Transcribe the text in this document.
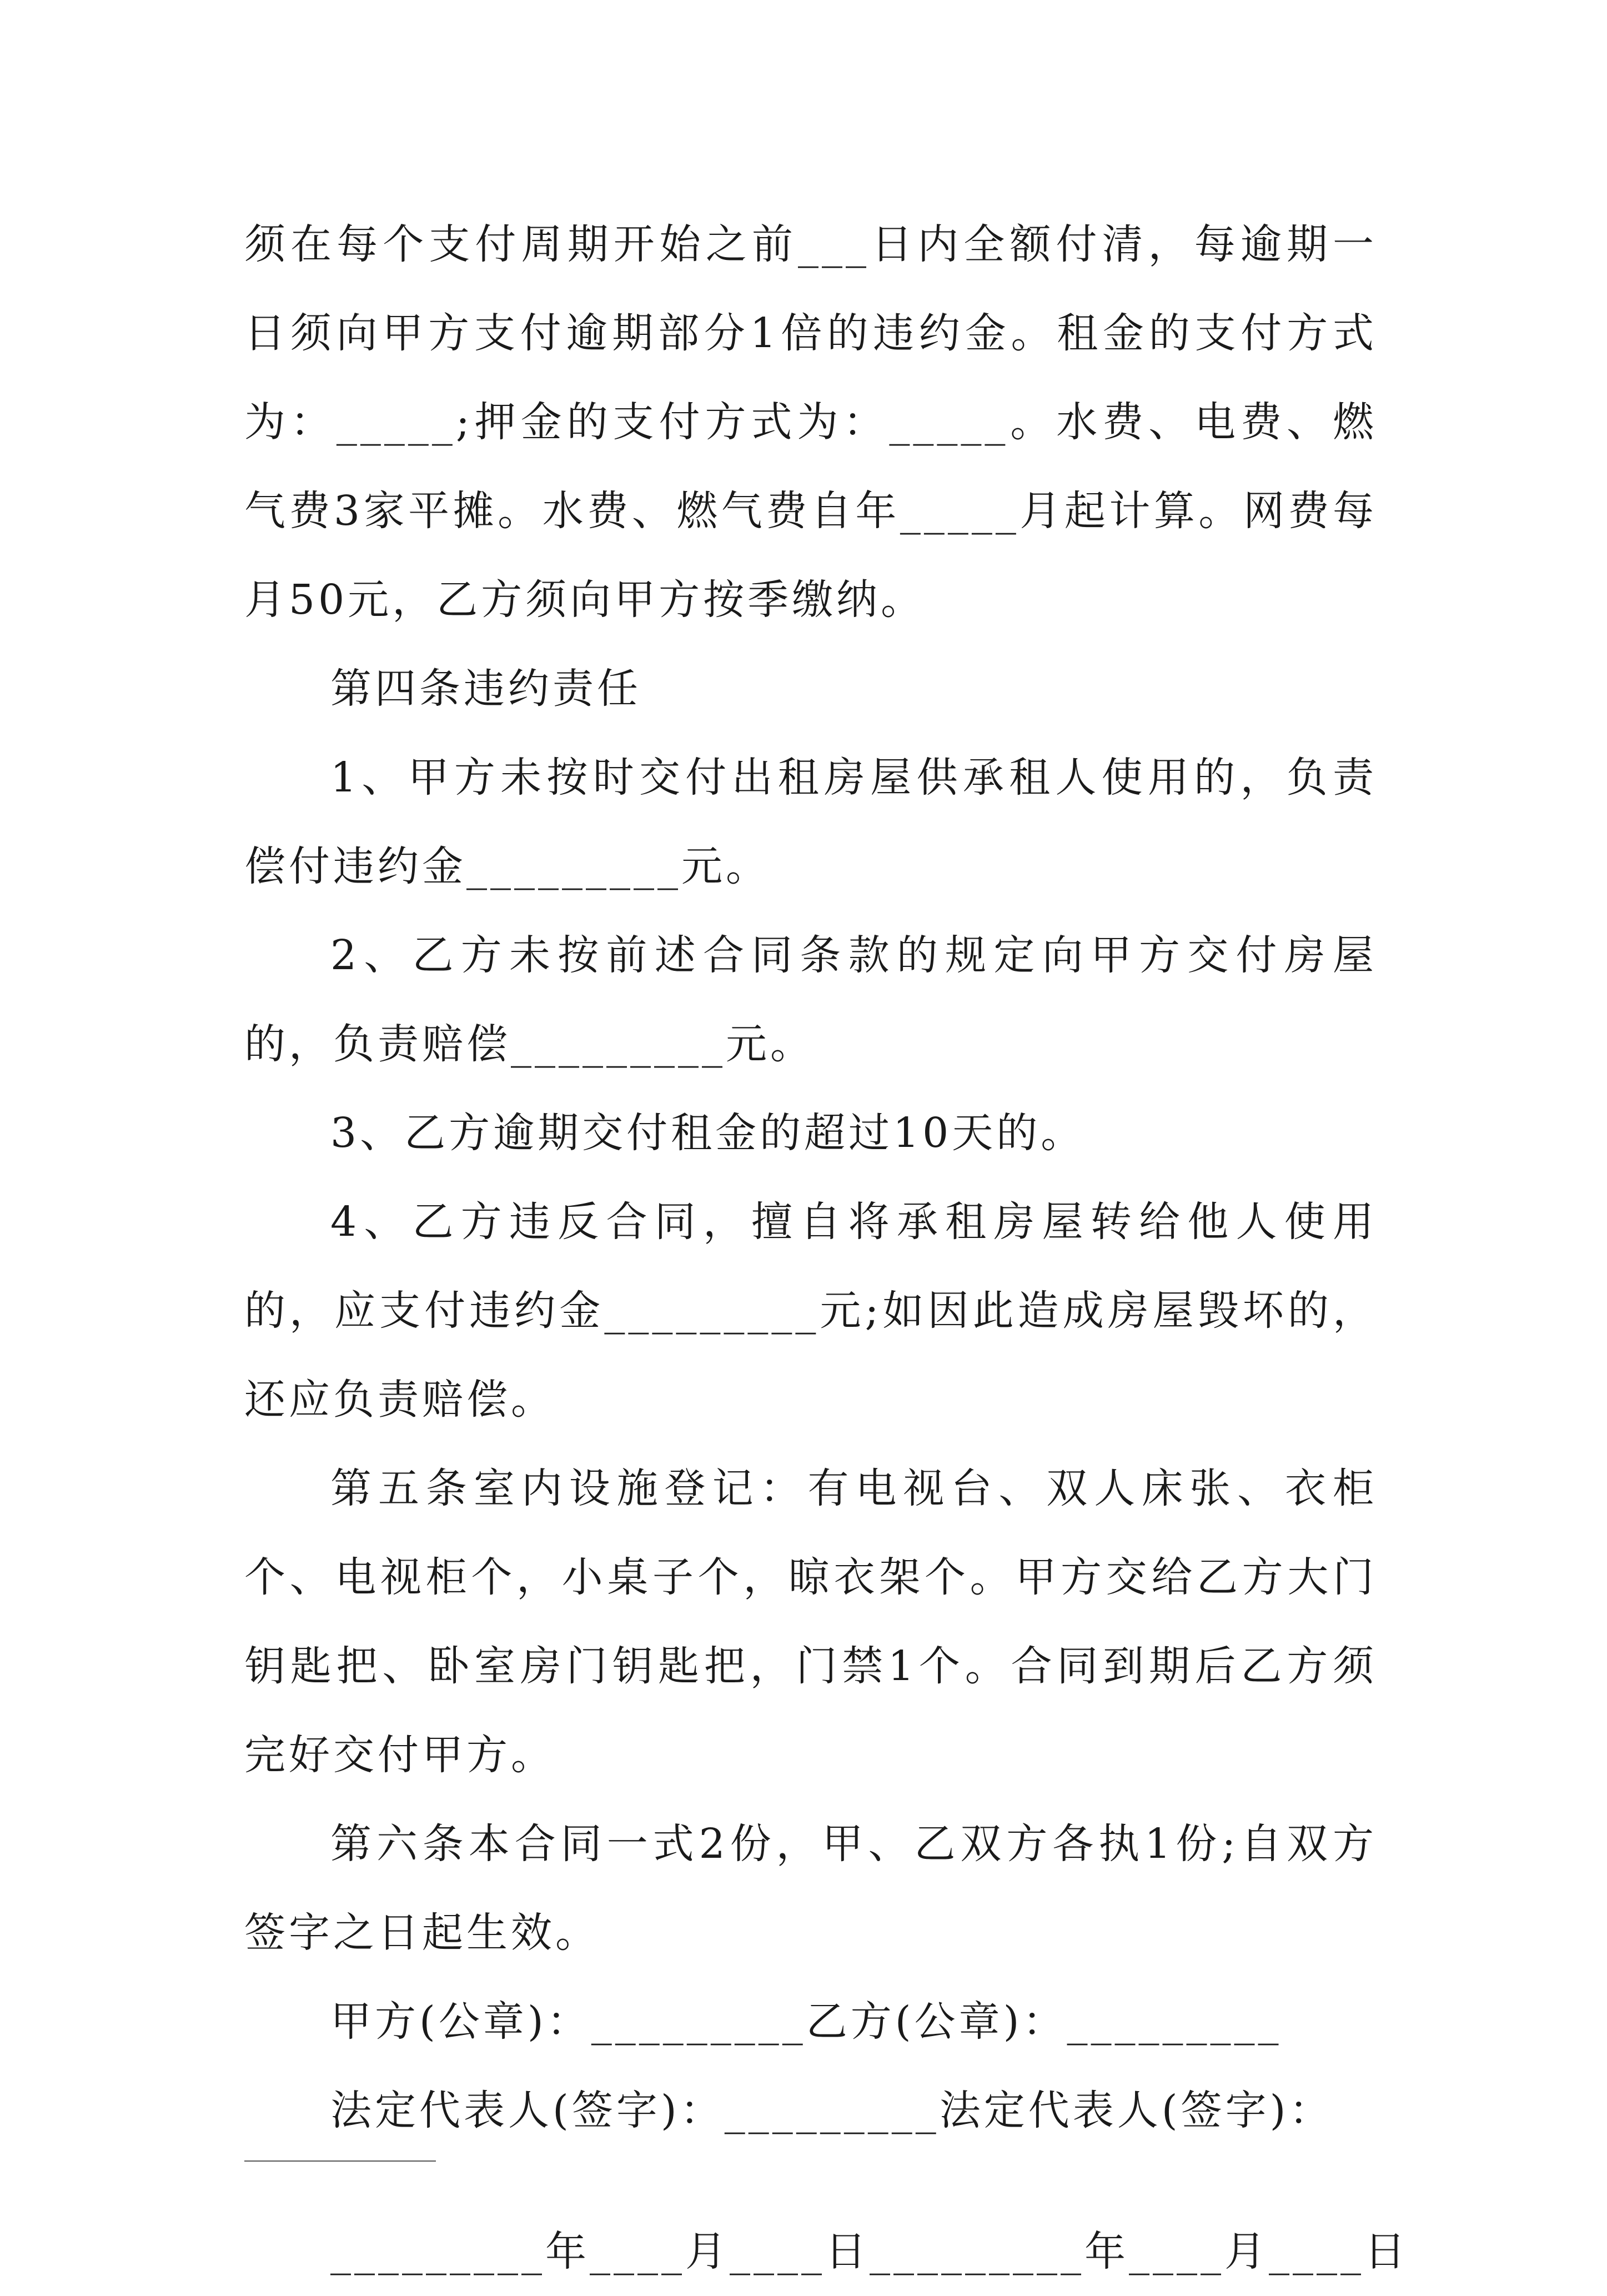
须在每个支付周期开始之前___日内全额付清，每逾期一日须向甲方支付逾期部分1倍的违约金。租金的支付方式为：_____;押金的支付方式为：_____。水费、电费、燃气费3家平摊。水费、燃气费自年_____月起计算。网费每月50元，乙方须向甲方按季缴纳。

第四条违约责任

1、甲方未按时交付出租房屋供承租人使用的，负责偿付违约金_________元。

2、乙方未按前述合同条款的规定向甲方交付房屋的，负责赔偿_________元。

3、乙方逾期交付租金的超过10天的。

4、乙方违反合同，擅自将承租房屋转给他人使用的，应支付违约金_________元;如因此造成房屋毁坏的，还应负责赔偿。

第五条室内设施登记：有电视台、双人床张、衣柜个、电视柜个，小桌子个，晾衣架个。甲方交给乙方大门钥匙把、卧室房门钥匙把，门禁1个。合同到期后乙方须完好交付甲方。

第六条本合同一式2份，甲、乙双方各执1份;自双方签字之日起生效。

甲方(公章)：_________乙方(公章)：_________

法定代表人(签字)：_________法定代表人(签字)：

_________年____月____日_________年____月____日
